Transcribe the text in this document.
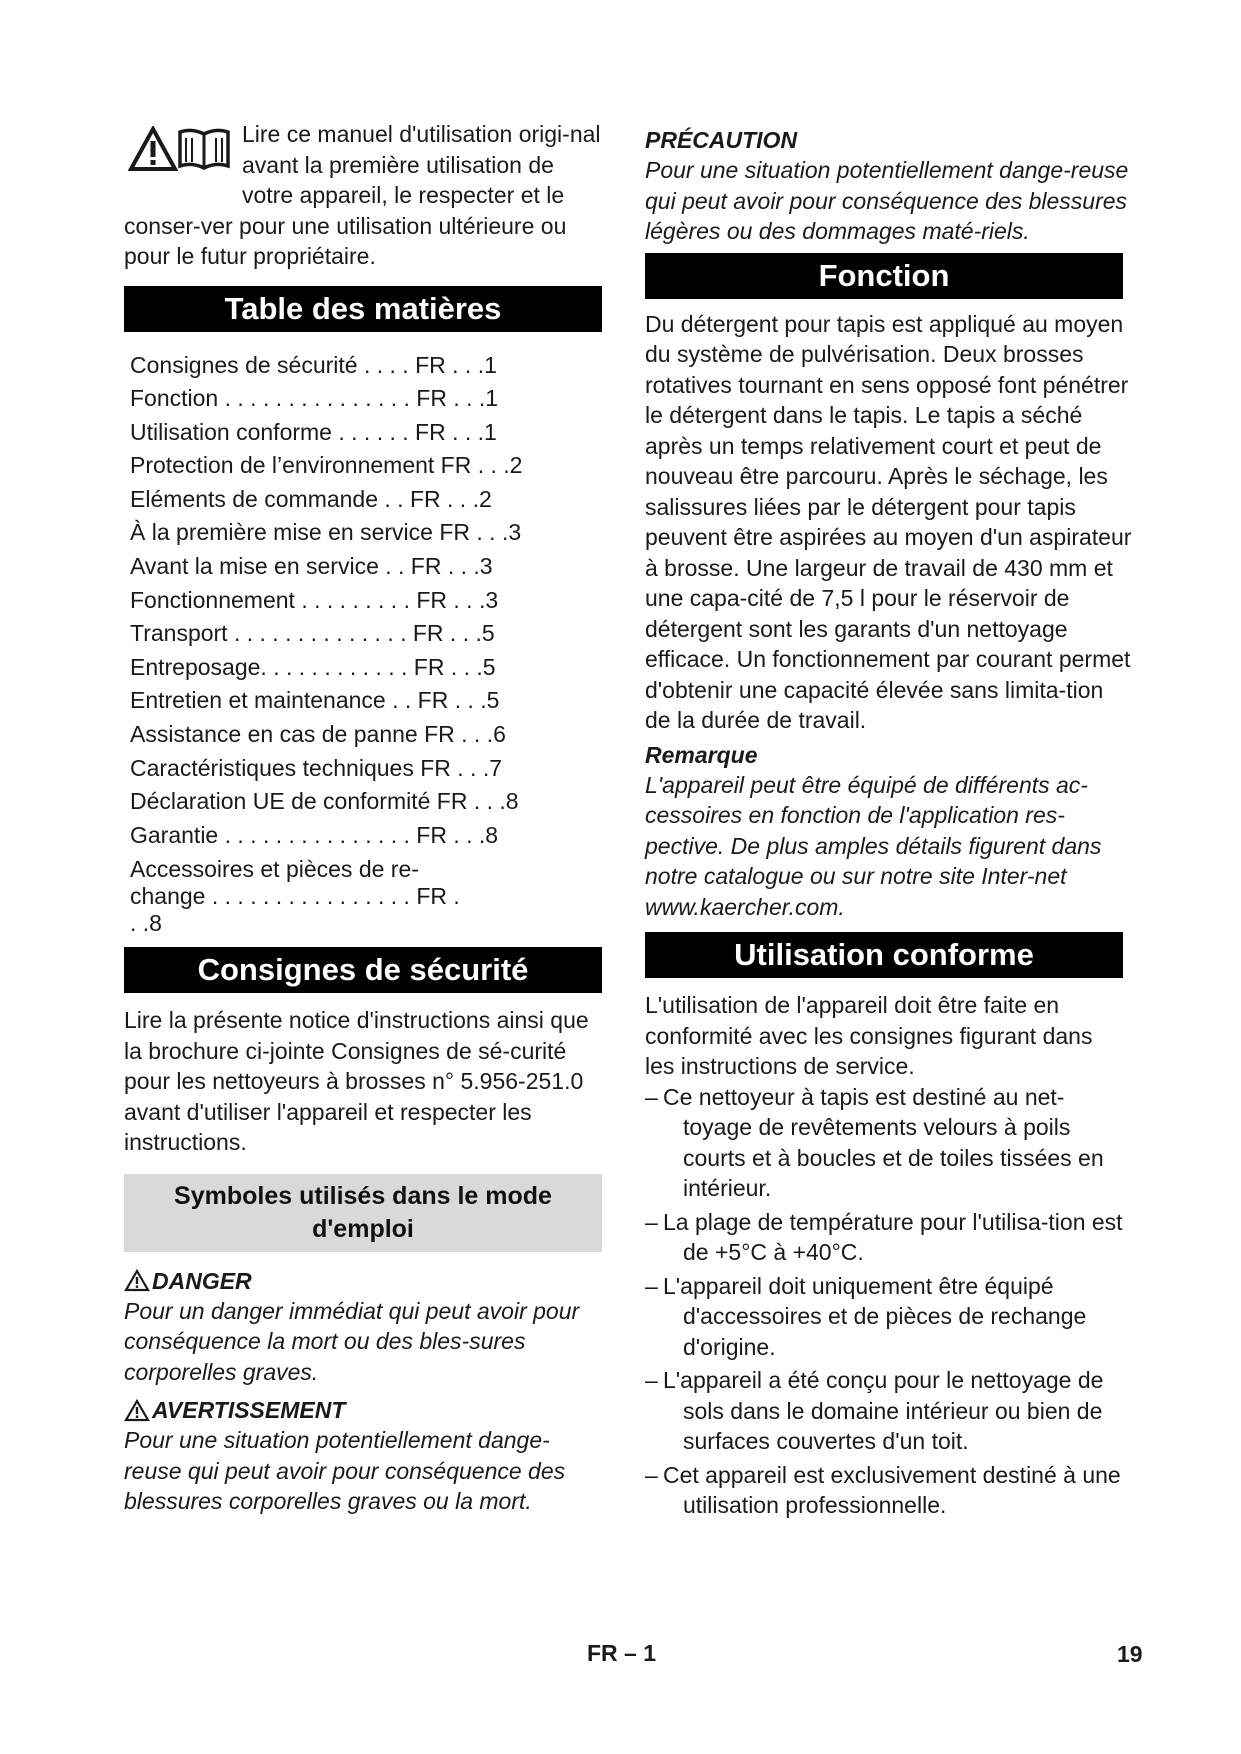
Lire ce manuel d'utilisation origi-nal avant la première utilisation de votre appareil, le respecter et le conser-ver pour une utilisation ultérieure ou pour le futur propriétaire.

Table des matières
Consignes de sécurité . . . . FR . . .1
Fonction . . . . . . . . . . . . . . . FR . . .1
Utilisation conforme . . . . . . FR . . .1
Protection de l’environnement FR . . .2
Eléments de commande . . FR . . .2
À la première mise en service FR . . .3
Avant la mise en service . . FR . . .3
Fonctionnement . . . . . . . . . FR . . .3
Transport . . . . . . . . . . . . . . FR . . .5
Entreposage. . . . . . . . . . . . FR . . .5
Entretien et maintenance . . FR . . .5
Assistance en cas de panne FR . . .6
Caractéristiques techniques FR . . .7
Déclaration UE de conformité FR . . .8
Garantie . . . . . . . . . . . . . . . FR . . .8
Accessoires et pièces de re-change . . . . . . . . . . . . . . . . FR . . .8
Consignes de sécurité

Lire la présente notice d'instructions ainsi que la brochure ci-jointe Consignes de sé-curité pour les nettoyeurs à brosses n° 5.956-251.0 avant d'utiliser l'appareil et respecter les instructions.

Symboles utilisés dans le mode d'emploi
DANGER

Pour un danger immédiat qui peut avoir pour conséquence la mort ou des bles-sures corporelles graves.

AVERTISSEMENT

Pour une situation potentiellement dange-reuse qui peut avoir pour conséquence des blessures corporelles graves ou la mort.

PRÉCAUTION

Pour une situation potentiellement dange-reuse qui peut avoir pour conséquence des blessures légères ou des dommages maté-riels.

Fonction

Du détergent pour tapis est appliqué au moyen du système de pulvérisation. Deux brosses rotatives tournant en sens opposé font pénétrer le détergent dans le tapis. Le tapis a séché après un temps relativement court et peut de nouveau être parcouru. Après le séchage, les salissures liées par le détergent pour tapis peuvent être aspirées au moyen d'un aspirateur à brosse. Une largeur de travail de 430 mm et une capa-cité de 7,5 l pour le réservoir de détergent sont les garants d'un nettoyage efficace. Un fonctionnement par courant permet d'obtenir une capacité élevée sans limita-tion de la durée de travail.

Remarque

L'appareil peut être équipé de différents ac-cessoires en fonction de l'application res-pective. De plus amples détails figurent dans notre catalogue ou sur notre site Inter-net www.kaercher.com.

Utilisation conforme

L'utilisation de l'appareil doit être faite en conformité avec les consignes figurant dans les instructions de service.

– Ce nettoyeur à tapis est destiné au net-toyage de revêtements velours à poils courts et à boucles et de toiles tissées en intérieur.
– La plage de température pour l'utilisa-tion est de +5°C à +40°C.
– L'appareil doit uniquement être équipé d'accessoires et de pièces de rechange d'origine.
– L'appareil a été conçu pour le nettoyage de sols dans le domaine intérieur ou bien de surfaces couvertes d'un toit.
– Cet appareil est exclusivement destiné à une utilisation professionnelle.
FR – 1	19
